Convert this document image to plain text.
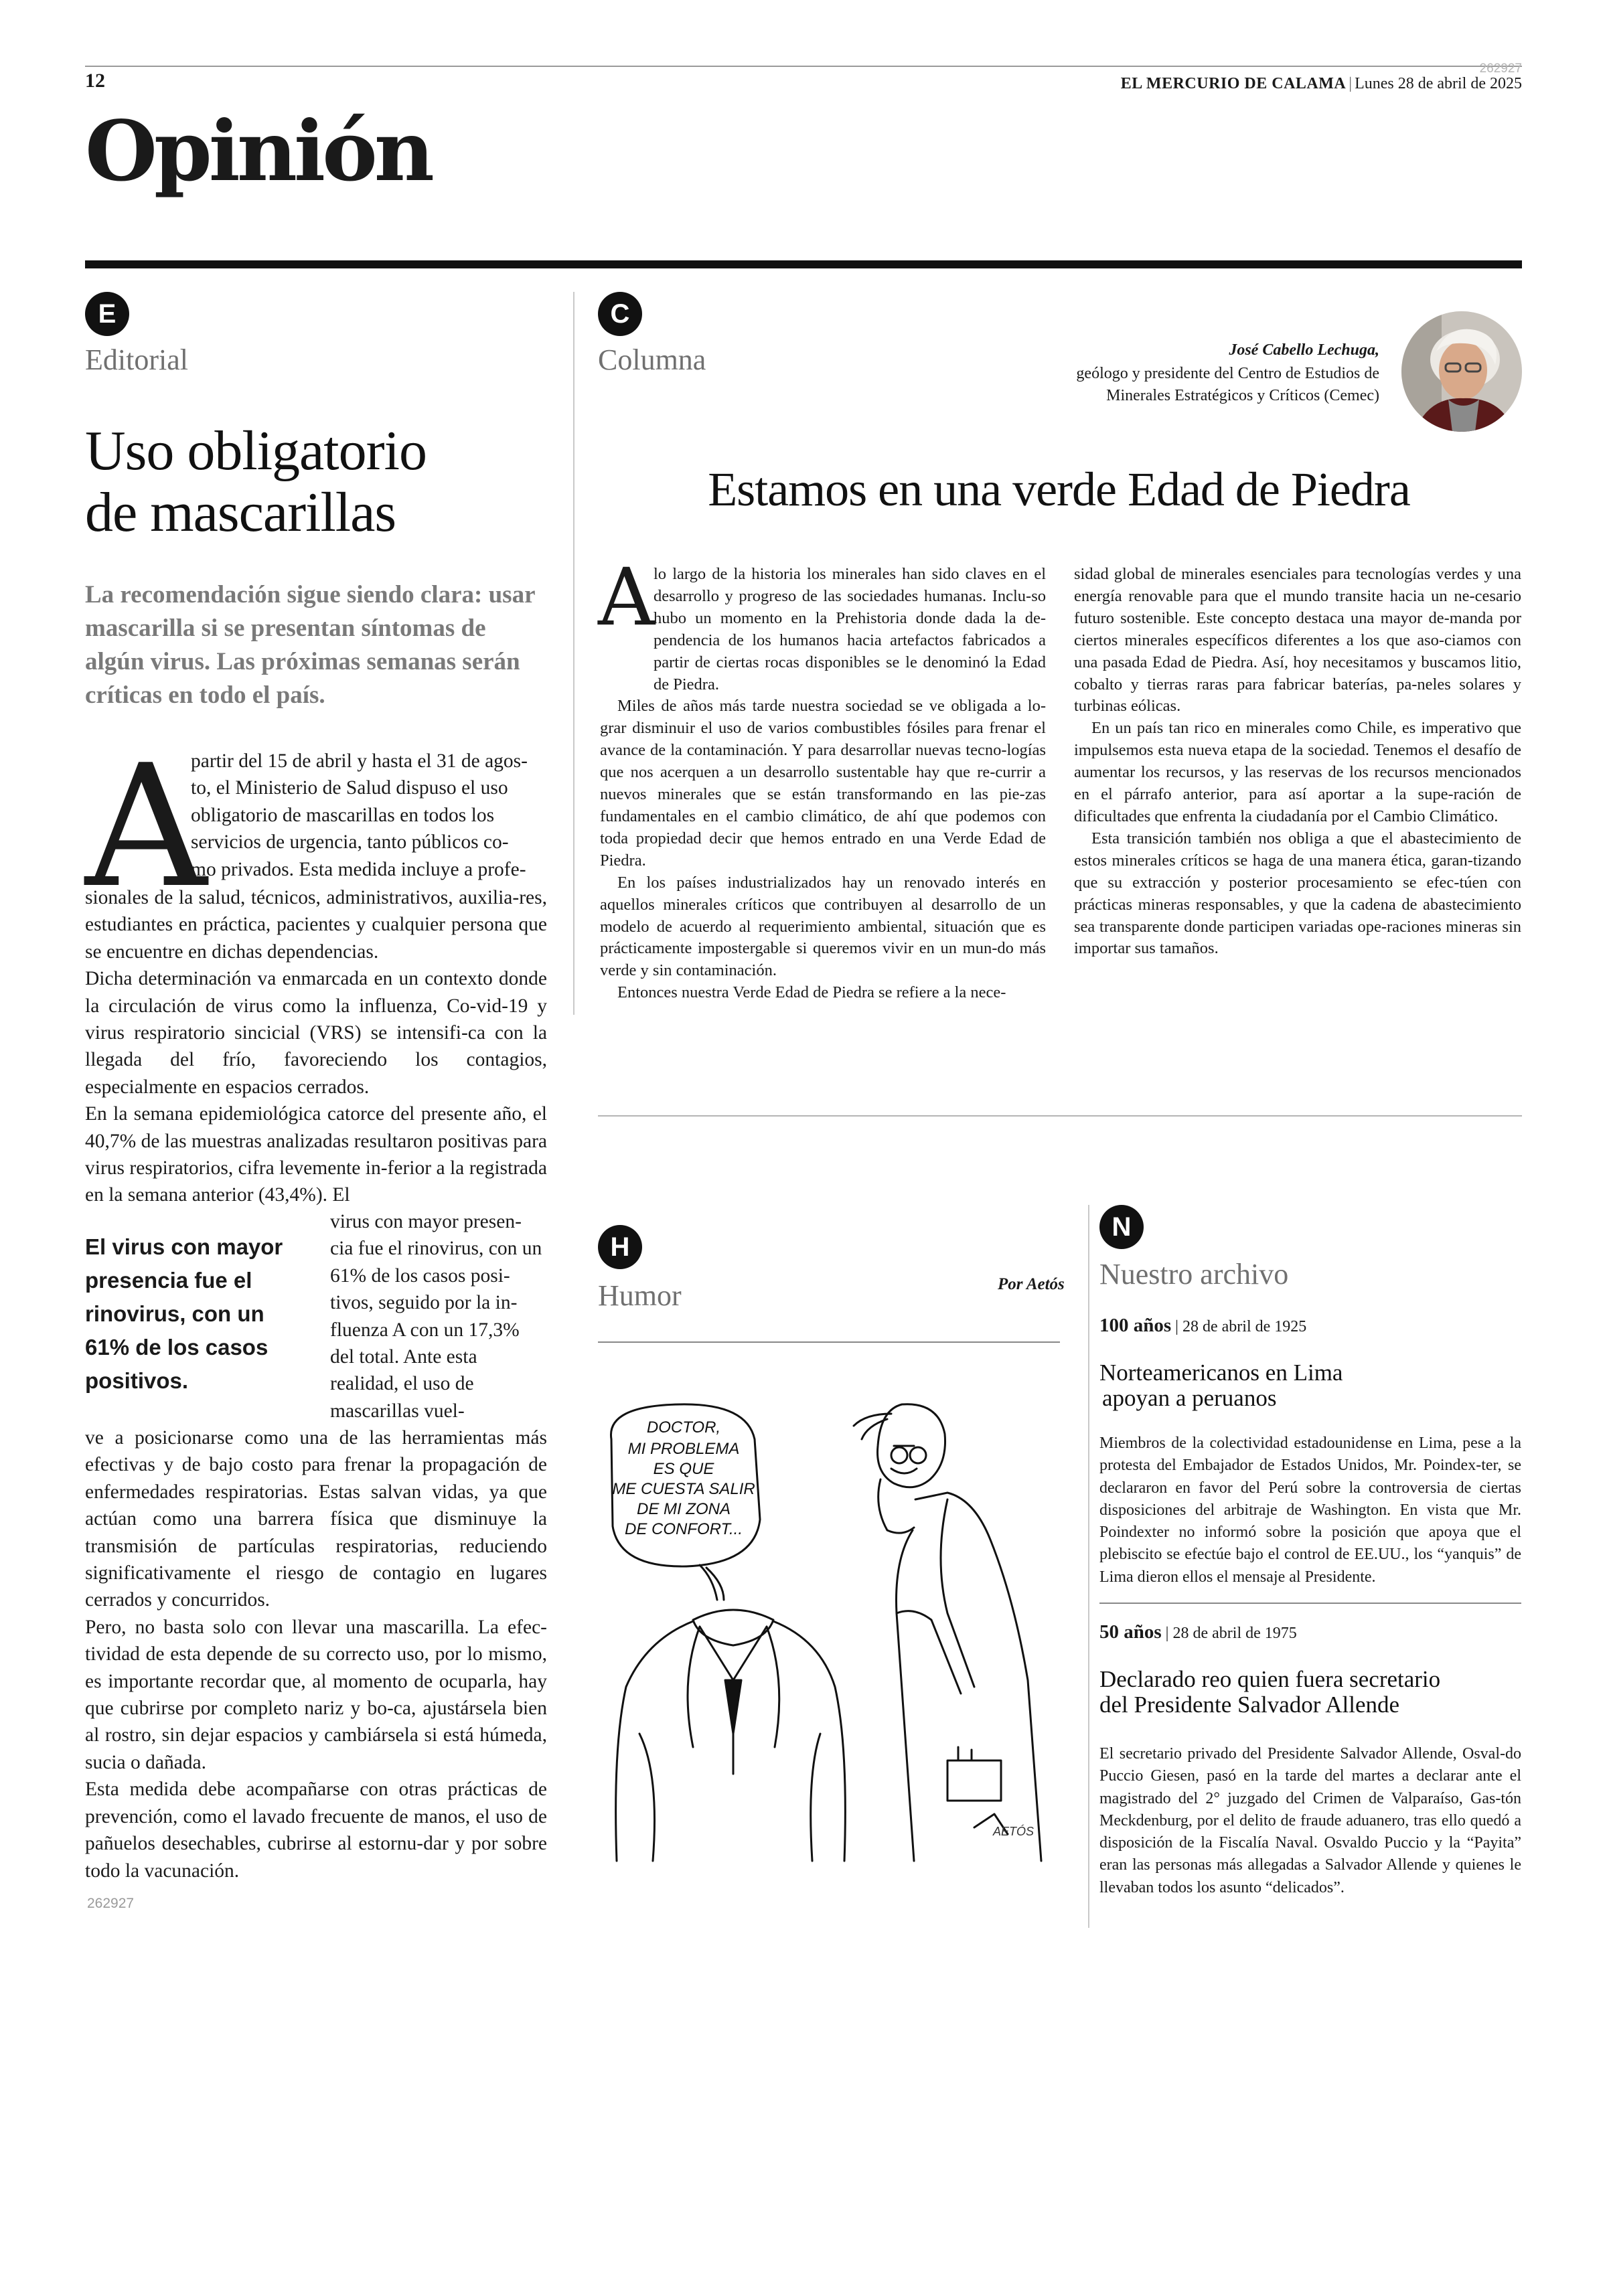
12
262927
EL MERCURIO DE CALAMA | Lunes 28 de abril de 2025
Opinión
E
Editorial
Uso obligatorio
de mascarillas
La recomendación sigue siendo clara: usar mascarilla si se presentan síntomas de algún virus. Las próximas semanas serán críticas en todo el país.
A
partir del 15 de abril y hasta el 31 de agos-
to, el Ministerio de Salud dispuso el uso
obligatorio de mascarillas en todos los
servicios de urgencia, tanto públicos co-
mo privados. Esta medida incluye a profe-

sionales de la salud, técnicos, administrativos, auxilia-res, estudiantes en práctica, pacientes y cualquier persona que se encuentre en dichas dependencias.

Dicha determinación va enmarcada en un contexto donde la circulación de virus como la influenza, Co-vid-19 y virus respiratorio sincicial (VRS) se intensifi-ca con la llegada del frío, favoreciendo los contagios, especialmente en espacios cerrados.

En la semana epidemiológica catorce del presente año, el 40,7% de las muestras analizadas resultaron positivas para virus respiratorios, cifra levemente in-ferior a la registrada en la semana anterior (43,4%). El

El virus con mayor presencia fue el rinovirus, con un 61% de los casos positivos.

virus con mayor presen-cia fue el rinovirus, con un 61% de los casos posi-tivos, seguido por la in-fluenza A con un 17,3% del total. Ante esta realidad, el uso de mascarillas vuel-

ve a posicionarse como una de las herramientas más efectivas y de bajo costo para frenar la propagación de enfermedades respiratorias. Estas salvan vidas, ya que actúan como una barrera física que disminuye la transmisión de partículas respiratorias, reduciendo significativamente el riesgo de contagio en lugares cerrados y concurridos.

Pero, no basta solo con llevar una mascarilla. La efec-tividad de esta depende de su correcto uso, por lo mismo, es importante recordar que, al momento de ocuparla, hay que cubrirse por completo nariz y bo-ca, ajustársela bien al rostro, sin dejar espacios y cambiársela si está húmeda, sucia o dañada.

Esta medida debe acompañarse con otras prácticas de prevención, como el lavado frecuente de manos, el uso de pañuelos desechables, cubrirse al estornu-dar y por sobre todo la vacunación.

262927
C
Columna	José Cabello Lechuga,
geólogo y presidente del Centro de Estudios de Minerales Estratégicos y Críticos (Cemec)
Estamos en una verde Edad de Piedra
A

lo largo de la historia los minerales han sido claves en el desarrollo y progreso de las sociedades humanas. Inclu-so hubo un momento en la Prehistoria donde dada la de-pendencia de los humanos hacia artefactos fabricados a partir de ciertas rocas disponibles se le denominó la Edad de Piedra.

Miles de años más tarde nuestra sociedad se ve obligada a lo-grar disminuir el uso de varios combustibles fósiles para frenar el avance de la contaminación. Y para desarrollar nuevas tecno-logías que nos acerquen a un desarrollo sustentable hay que re-currir a nuevos minerales que se están transformando en las pie-zas fundamentales en el cambio climático, de ahí que podemos con toda propiedad decir que hemos entrado en una Verde Edad de Piedra.

En los países industrializados hay un renovado interés en aquellos minerales críticos que contribuyen al desarrollo de un modelo de acuerdo al requerimiento ambiental, situación que es prácticamente impostergable si queremos vivir en un mun-do más verde y sin contaminación.

Entonces nuestra Verde Edad de Piedra se refiere a la nece-

sidad global de minerales esenciales para tecnologías verdes y una energía renovable para que el mundo transite hacia un ne-cesario futuro sostenible. Este concepto destaca una mayor de-manda por ciertos minerales específicos diferentes a los que aso-ciamos con una pasada Edad de Piedra. Así, hoy necesitamos y buscamos litio, cobalto y tierras raras para fabricar baterías, pa-neles solares y turbinas eólicas.

En un país tan rico en minerales como Chile, es imperativo que impulsemos esta nueva etapa de la sociedad. Tenemos el desafío de aumentar los recursos, y las reservas de los recursos mencionados en el párrafo anterior, para así aportar a la supe-ración de dificultades que enfrenta la ciudadanía por el Cambio Climático.

Esta transición también nos obliga a que el abastecimiento de estos minerales críticos se haga de una manera ética, garan-tizando que su extracción y posterior procesamiento se efec-túen con prácticas mineras responsables, y que la cadena de abastecimiento sea transparente donde participen variadas ope-raciones mineras sin importar sus tamaños.

H
Humor	Por Aetós
DOCTOR,
MI PROBLEMA
ES QUE
ME CUESTA SALIR
DE MI ZONA
DE CONFORT...
AETÓS
N
Nuestro archivo
100 años | 28 de abril de 1925
Norteamericanos en Lima
apoyan a peruanos

Miembros de la colectividad estadounidense en Lima, pese a la protesta del Embajador de Estados Unidos, Mr. Poindex-ter, se declararon en favor del Perú sobre la controversia de ciertas disposiciones del arbitraje de Washington. En vista que Mr. Poindexter no informó sobre la posición que apoya que el plebiscito se efectúe bajo el control de EE.UU., los “yanquis” de Lima dieron ellos el mensaje al Presidente.

50 años | 28 de abril de 1975
Declarado reo quien fuera secretario
del Presidente Salvador Allende

El secretario privado del Presidente Salvador Allende, Osval-do Puccio Giesen, pasó en la tarde del martes a declarar ante el magistrado del 2° juzgado del Crimen de Valparaíso, Gas-tón Meckdenburg, por el delito de fraude aduanero, tras ello quedó a disposición de la Fiscalía Naval. Osvaldo Puccio y la “Payita” eran las personas más allegadas a Salvador Allende y quienes le llevaban todos los asunto “delicados”.
